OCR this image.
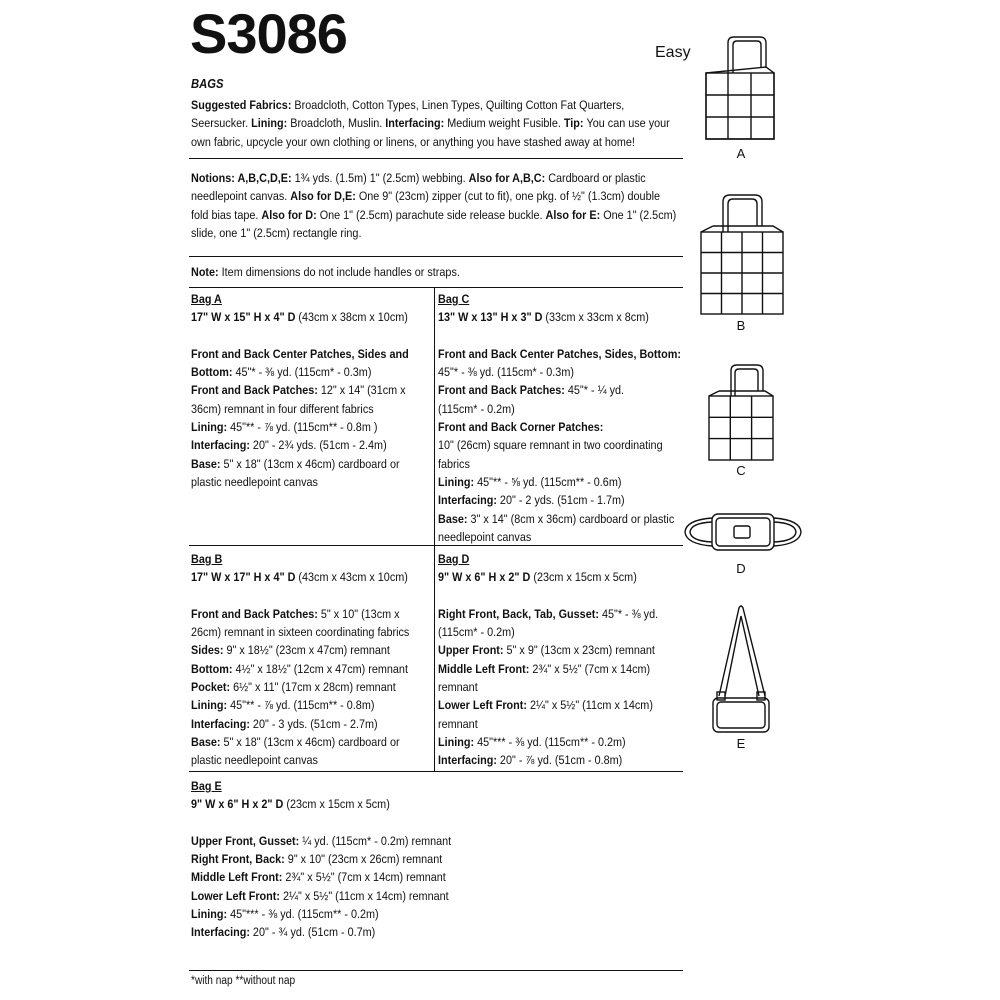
S3086	Easy
BAGS
Suggested Fabrics: Broadcloth, Cotton Types, Linen Types, Quilting Cotton Fat Quarters,
Seersucker. Lining: Broadcloth, Muslin. Interfacing: Medium weight Fusible. Tip: You can use your
own fabric, upcycle your own clothing or linens, or anything you have stashed away at home!
Notions: A,B,C,D,E: 1¾ yds. (1.5m) 1" (2.5cm) webbing. Also for A,B,C: Cardboard or plastic
needlepoint canvas. Also for D,E: One 9" (23cm) zipper (cut to fit), one pkg. of ½" (1.3cm) double
fold bias tape. Also for D: One 1" (2.5cm) parachute side release buckle. Also for E: One 1" (2.5cm)
slide, one 1" (2.5cm) rectangle ring.
Note: Item dimensions do not include handles or straps.
Bag A
17" W x 15" H x 4" D (43cm x 38cm x 10cm)

Front and Back Center Patches, Sides and
Bottom: 45"* - ⅜ yd. (115cm* - 0.3m)
Front and Back Patches: 12" x 14" (31cm x
36cm) remnant in four different fabrics
Lining: 45"** - ⅞ yd. (115cm** - 0.8m )
Interfacing: 20" - 2¾ yds. (51cm - 2.4m)
Base: 5" x 18" (13cm x 46cm) cardboard or
plastic needlepoint canvas
Bag C
13" W x 13" H x 3" D (33cm x 33cm x 8cm)

Front and Back Center Patches, Sides, Bottom:
45"* - ⅜ yd. (115cm* - 0.3m)
Front and Back Patches: 45"* - ¼ yd.
(115cm* - 0.2m)
Front and Back Corner Patches:
10" (26cm) square remnant in two coordinating
fabrics
Lining: 45"** - ⅝ yd. (115cm** - 0.6m)
Interfacing: 20" - 2 yds. (51cm - 1.7m)
Base: 3" x 14" (8cm x 36cm) cardboard or plastic
needlepoint canvas
Bag B
17" W x 17" H x 4" D (43cm x 43cm x 10cm)

Front and Back Patches: 5" x 10" (13cm x
26cm) remnant in sixteen coordinating fabrics
Sides: 9" x 18½" (23cm x 47cm) remnant
Bottom: 4½" x 18½" (12cm x 47cm) remnant
Pocket: 6½" x 11" (17cm x 28cm) remnant
Lining: 45"** - ⅞ yd. (115cm** - 0.8m)
Interfacing: 20" - 3 yds. (51cm - 2.7m)
Base: 5" x 18" (13cm x 46cm) cardboard or
plastic needlepoint canvas
Bag D
9" W x 6" H x 2" D (23cm x 15cm x 5cm)

Right Front, Back, Tab, Gusset: 45"* - ⅜ yd.
(115cm* - 0.2m)
Upper Front: 5" x 9" (13cm x 23cm) remnant
Middle Left Front: 2¾" x 5½" (7cm x 14cm)
remnant
Lower Left Front: 2¼" x 5½" (11cm x 14cm)
remnant
Lining: 45"*** - ⅜ yd. (115cm** - 0.2m)
Interfacing: 20" - ⅞ yd. (51cm - 0.8m)
Bag E
9" W x 6" H x 2" D (23cm x 15cm x 5cm)

Upper Front, Gusset: ¼ yd. (115cm* - 0.2m) remnant
Right Front, Back: 9" x 10" (23cm x 26cm) remnant
Middle Left Front: 2¾" x 5½" (7cm x 14cm) remnant
Lower Left Front: 2¼" x 5½" (11cm x 14cm) remnant
Lining: 45"*** - ⅜ yd. (115cm** - 0.2m)
Interfacing: 20" - ¾ yd. (51cm - 0.7m)
*with nap **without nap
A
B
C
D
E
